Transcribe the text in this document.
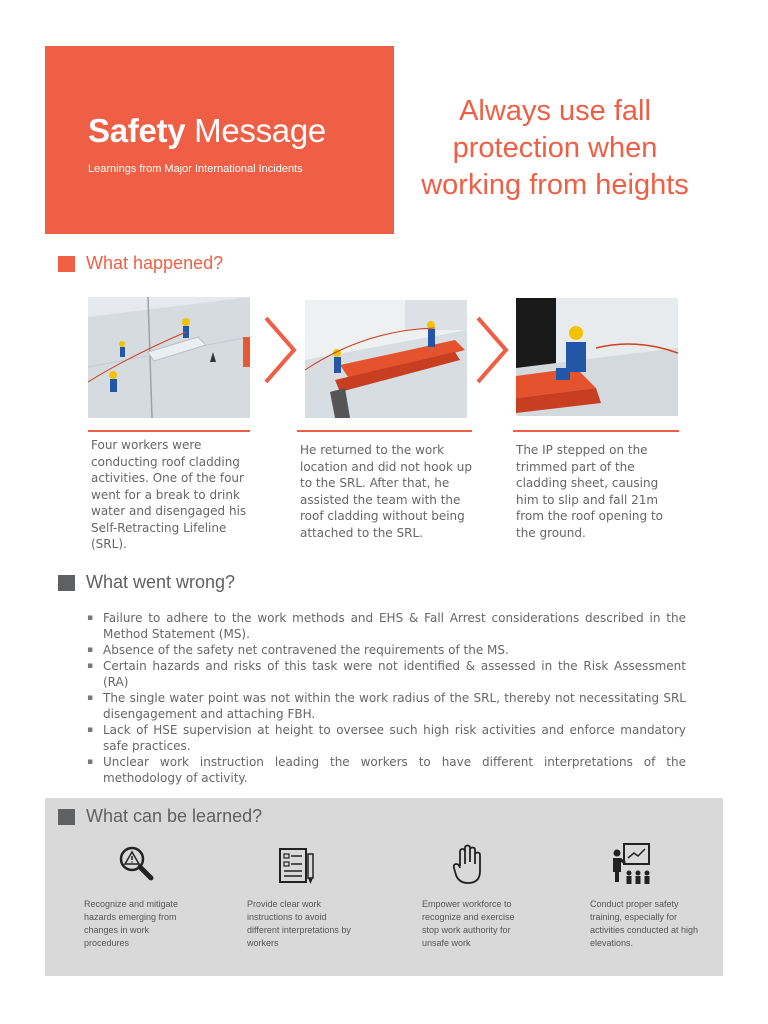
Safety Message
Learnings from Major International Incidents
Always use fall protection when working from heights
What happened?
Four workers were conducting roof cladding activities. One of the four went for a break to drink water and disengaged his Self-Retracting Lifeline (SRL).
He returned to the work location and did not hook up to the SRL. After that, he assisted the team with the roof cladding without being attached to the SRL.
The IP stepped on the trimmed part of the cladding sheet, causing him to slip and fall 21m from the roof opening to the ground.
What went wrong?
▪ Failure to adhere to the work methods and EHS & Fall Arrest considerations described in the Method Statement (MS).
▪ Absence of the safety net contravened the requirements of the MS.
▪ Certain hazards and risks of this task were not identified & assessed in the Risk Assessment (RA)
▪ The single water point was not within the work radius of the SRL, thereby not necessitating SRL disengagement and attaching FBH.
▪ Lack of HSE supervision at height to oversee such high risk activities and enforce mandatory safe practices.
▪ Unclear work instruction leading the workers to have different interpretations of the methodology of activity.
What can be learned?
Recognize and mitigate hazards emerging from changes in work procedures
Provide clear work instructions to avoid different interpretations by workers
Empower workforce to recognize and exercise stop work authority for unsafe work
Conduct proper safety training, especially for activities conducted at high elevations.
